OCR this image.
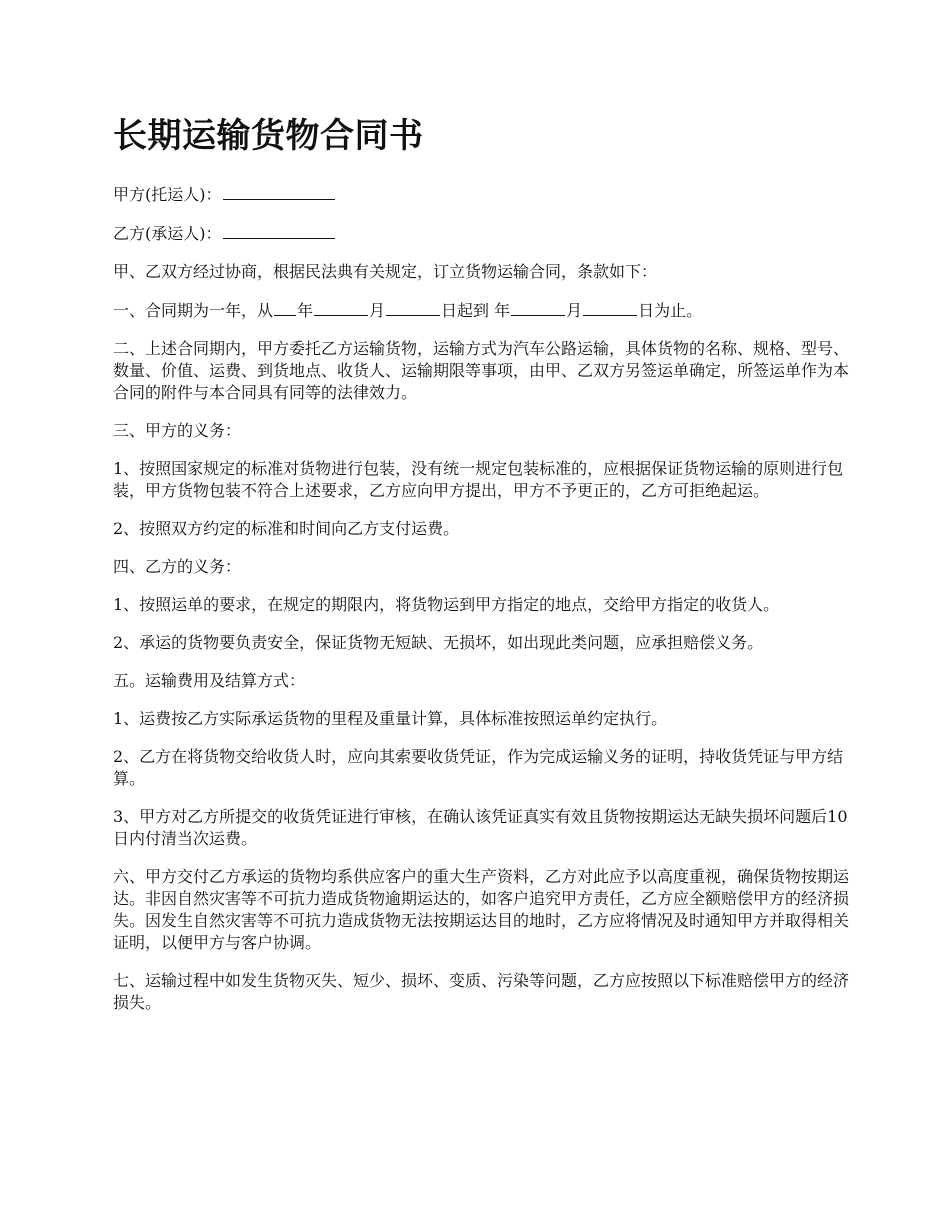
长期运输货物合同书

甲方(托运人)：

乙方(承运人)：

甲、乙双方经过协商，根据民法典有关规定，订立货物运输合同，条款如下：

一、合同期为一年，从 年	月	日起到 年	月	日为止。

二、上述合同期内，甲方委托乙方运输货物，运输方式为汽车公路运输，具体货物的名称、规格、型号、数量、价值、运费、到货地点、收货人、运输期限等事项，由甲、乙双方另签运单确定，所签运单作为本合同的附件与本合同具有同等的法律效力。

三、甲方的义务：

1、按照国家规定的标准对货物进行包装，没有统一规定包装标准的，应根据保证货物运输的原则进行包装，甲方货物包装不符合上述要求，乙方应向甲方提出，甲方不予更正的，乙方可拒绝起运。

2、按照双方约定的标准和时间向乙方支付运费。

四、乙方的义务：

1、按照运单的要求，在规定的期限内，将货物运到甲方指定的地点，交给甲方指定的收货人。

2、承运的货物要负责安全，保证货物无短缺、无损坏，如出现此类问题，应承担赔偿义务。

五。运输费用及结算方式：

1、运费按乙方实际承运货物的里程及重量计算，具体标准按照运单约定执行。

2、乙方在将货物交给收货人时，应向其索要收货凭证，作为完成运输义务的证明，持收货凭证与甲方结算。

3、甲方对乙方所提交的收货凭证进行审核，在确认该凭证真实有效且货物按期运达无缺失损坏问题后10日内付清当次运费。

六、甲方交付乙方承运的货物均系供应客户的重大生产资料，乙方对此应予以高度重视，确保货物按期运达。非因自然灾害等不可抗力造成货物逾期运达的，如客户追究甲方责任，乙方应全额赔偿甲方的经济损失。因发生自然灾害等不可抗力造成货物无法按期运达目的地时，乙方应将情况及时通知甲方并取得相关证明，以便甲方与客户协调。

七、运输过程中如发生货物灭失、短少、损坏、变质、污染等问题，乙方应按照以下标准赔偿甲方的经济损失。
